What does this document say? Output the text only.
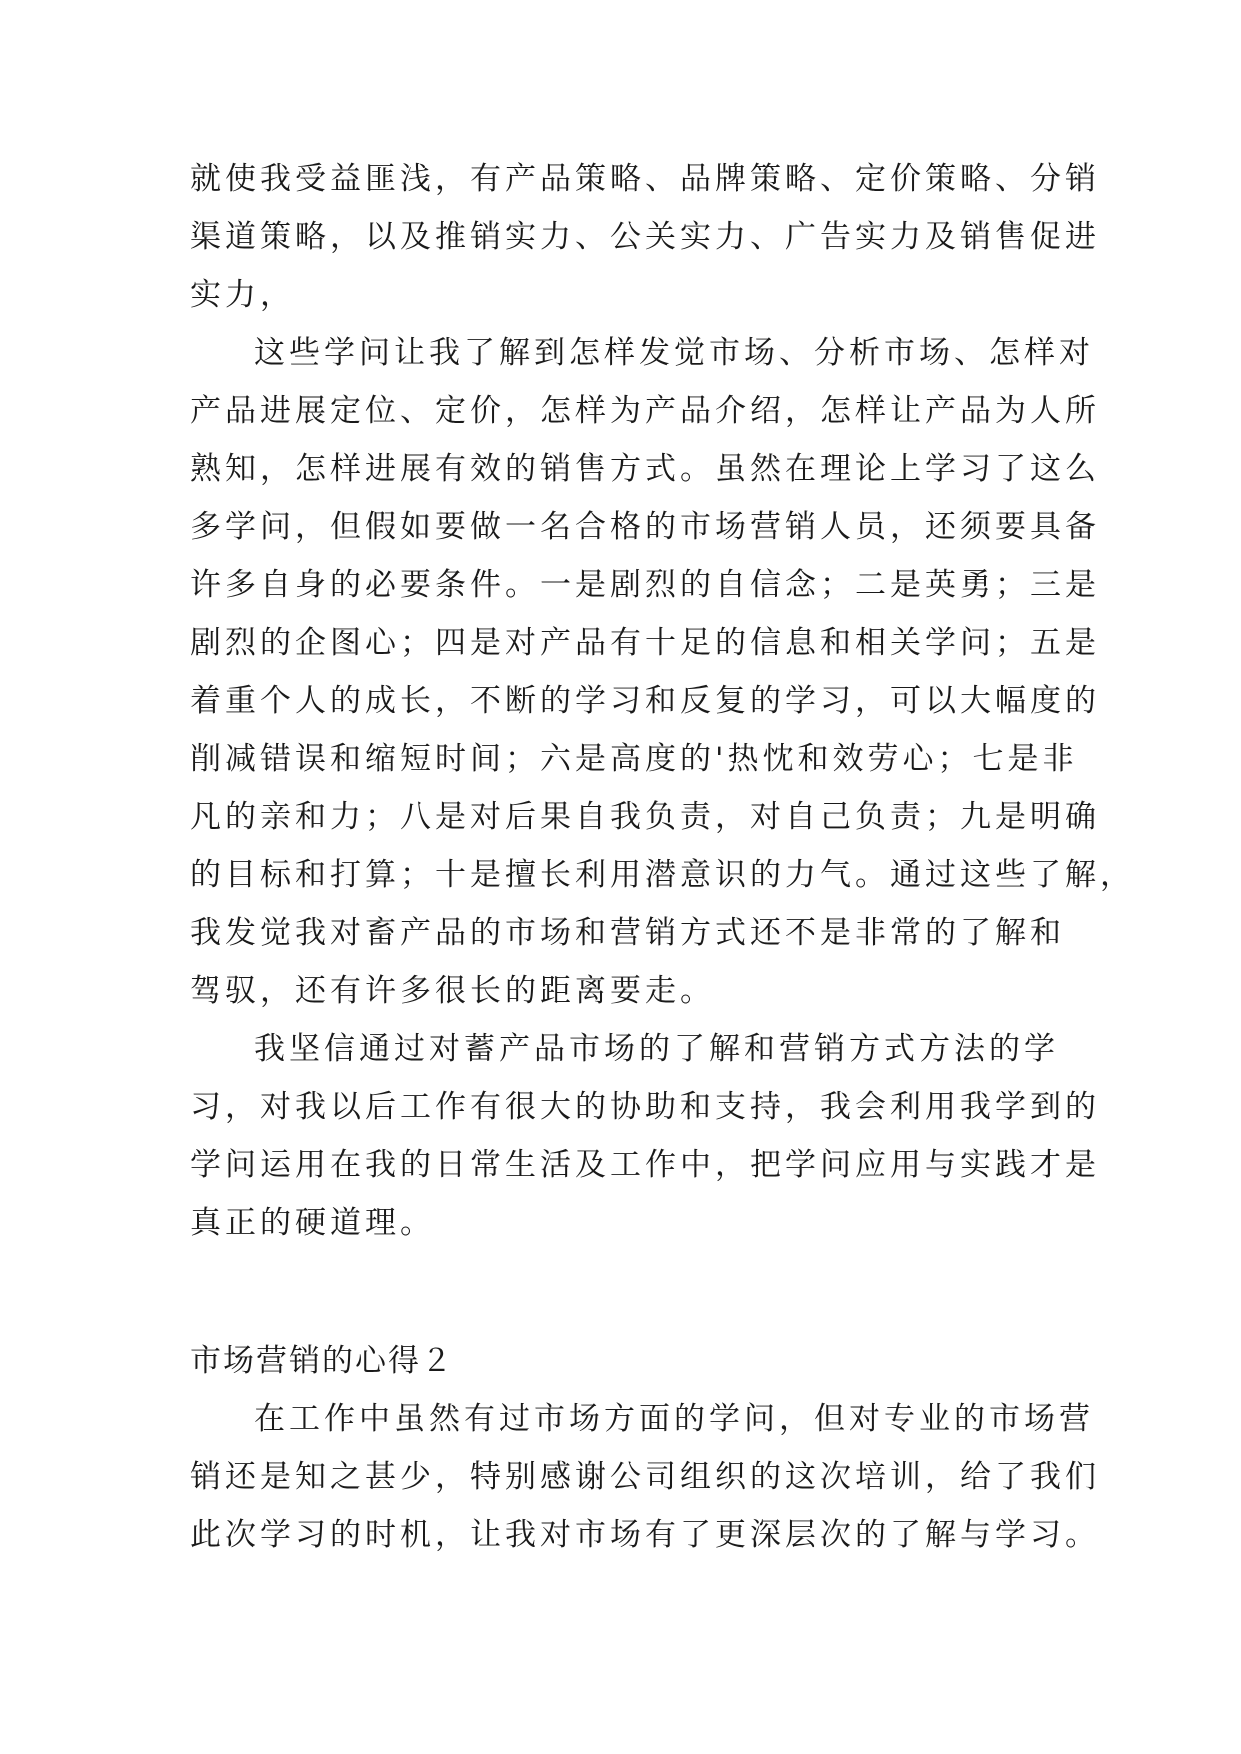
就使我受益匪浅，有产品策略、品牌策略、定价策略、分销
渠道策略，以及推销实力、公关实力、广告实力及销售促进
实力，
这些学问让我了解到怎样发觉市场、分析市场、怎样对
产品进展定位、定价，怎样为产品介绍，怎样让产品为人所
熟知，怎样进展有效的销售方式。虽然在理论上学习了这么
多学问，但假如要做一名合格的市场营销人员，还须要具备
许多自身的必要条件。一是剧烈的自信念；二是英勇；三是
剧烈的企图心；四是对产品有十足的信息和相关学问；五是
着重个人的成长，不断的学习和反复的学习，可以大幅度的
削减错误和缩短时间；六是高度的'热忱和效劳心；七是非
凡的亲和力；八是对后果自我负责，对自己负责；九是明确
的目标和打算；十是擅长利用潜意识的力气。通过这些了解，
我发觉我对畜产品的市场和营销方式还不是非常的了解和
驾驭，还有许多很长的距离要走。
我坚信通过对蓄产品市场的了解和营销方式方法的学
习，对我以后工作有很大的协助和支持，我会利用我学到的
学问运用在我的日常生活及工作中，把学问应用与实践才是
真正的硬道理。
市场营销的心得２
在工作中虽然有过市场方面的学问，但对专业的市场营
销还是知之甚少，特别感谢公司组织的这次培训，给了我们
此次学习的时机，让我对市场有了更深层次的了解与学习。
